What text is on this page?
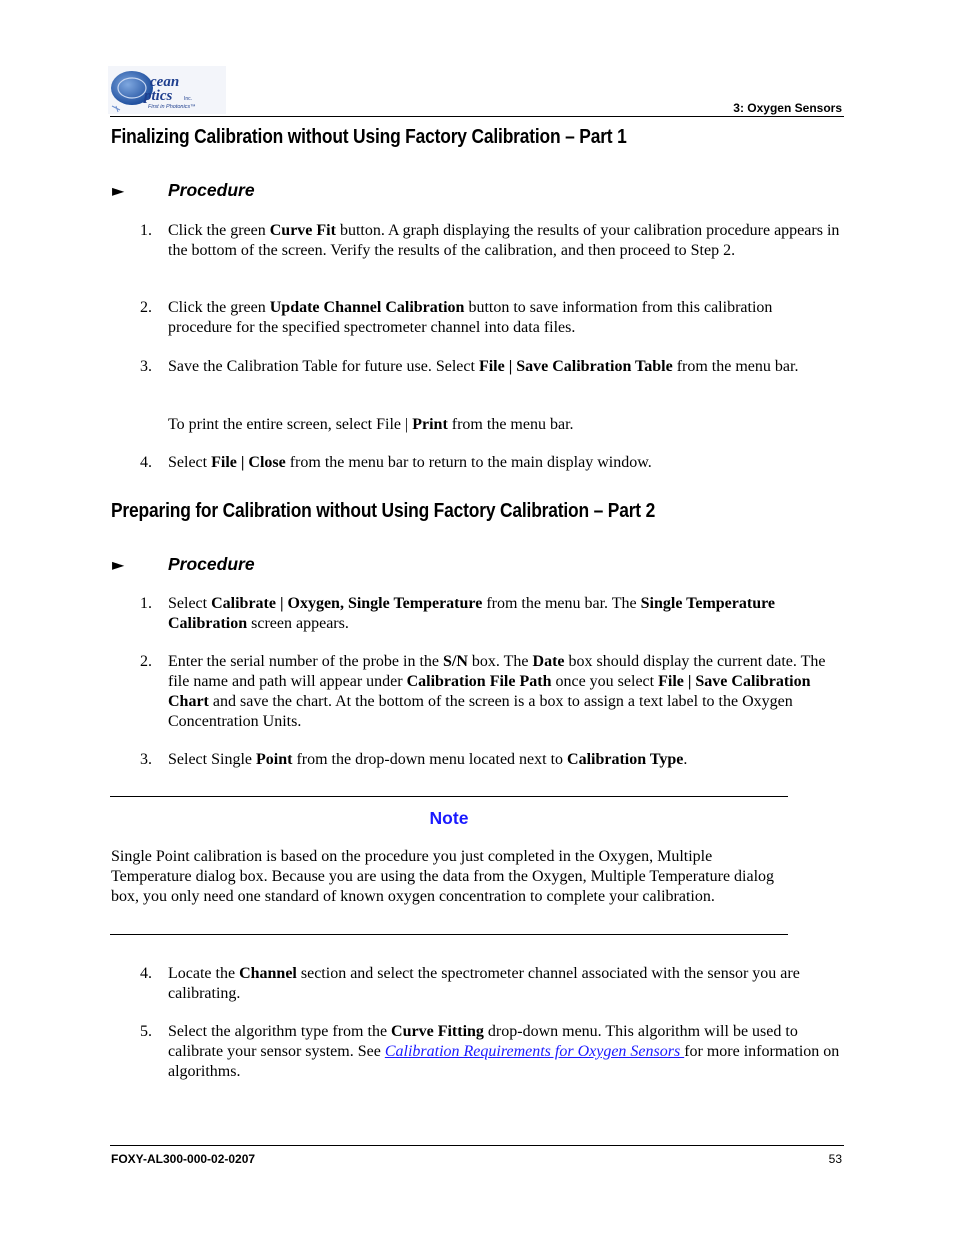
cean
ptics Inc.
First in Photonics™	3: Oxygen Sensors
Finalizing Calibration without Using Factory Calibration – Part 1
► Procedure
1. Click the green Curve Fit button. A graph displaying the results of your calibration procedure appears in the bottom of the screen. Verify the results of the calibration, and then proceed to Step 2.
2. Click the green Update Channel Calibration button to save information from this calibration procedure for the specified spectrometer channel into data files.
3. Save the Calibration Table for future use. Select File | Save Calibration Table from the menu bar.
To print the entire screen, select File | Print from the menu bar.
4. Select File | Close from the menu bar to return to the main display window.
Preparing for Calibration without Using Factory Calibration – Part 2
► Procedure
1. Select Calibrate | Oxygen, Single Temperature from the menu bar. The Single Temperature Calibration screen appears.
2. Enter the serial number of the probe in the S/N box. The Date box should display the current date. The file name and path will appear under Calibration File Path once you select File | Save Calibration Chart and save the chart. At the bottom of the screen is a box to assign a text label to the Oxygen Concentration Units.
3. Select Single Point from the drop-down menu located next to Calibration Type.
Note
Single Point calibration is based on the procedure you just completed in the Oxygen, Multiple Temperature dialog box. Because you are using the data from the Oxygen, Multiple Temperature dialog box, you only need one standard of known oxygen concentration to complete your calibration.
4. Locate the Channel section and select the spectrometer channel associated with the sensor you are calibrating.
5. Select the algorithm type from the Curve Fitting drop-down menu. This algorithm will be used to calibrate your sensor system. See Calibration Requirements for Oxygen Sensors for more information on algorithms.
FOXY-AL300-000-02-0207	53
